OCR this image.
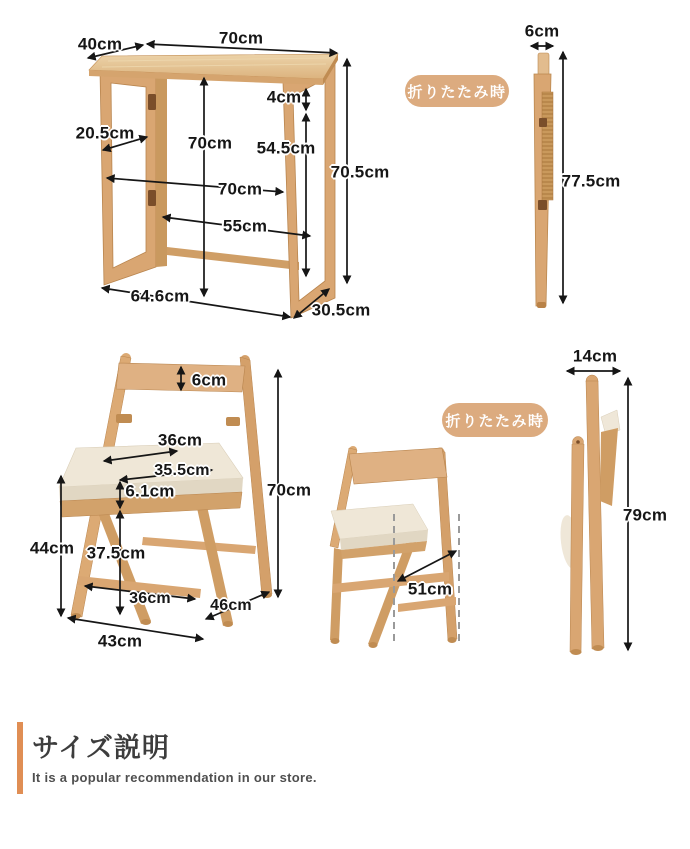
40cm	70cm
4cm
20.5cm
70cm 54.5cm
70.5cm
70cm
55cm
64.6cm
30.5cm
6cm
77.5cm
6cm
36cm
35.5cm
6.1cm	70cm
44cm 37.5cm
36cm 46cm
43cm
51cm
14cm
79cm
折りたたみ時
折りたたみ時
サイズ説明

It is a popular recommendation in our store.
